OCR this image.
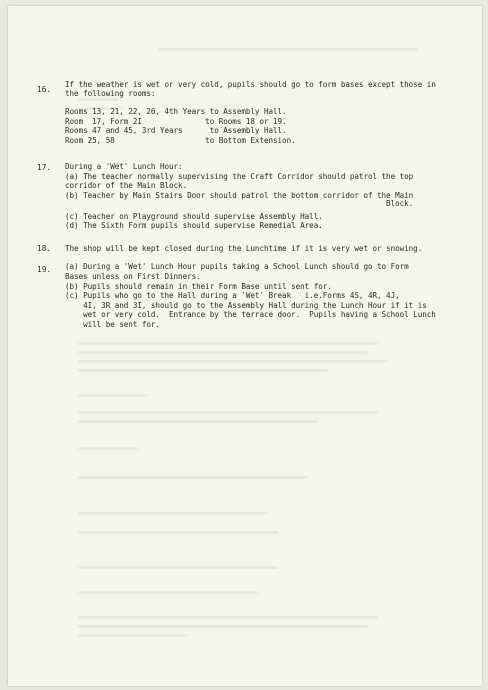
16.
If the weather is wet or very cold, pupils should go to form bases except those in
the following rooms:
Rooms 13, 21, 22, 26, 4th Years to Assembly Hall.
Room  17, Form 2I              to Rooms 18 or 19.
Rooms 47 and 45, 3rd Years      to Assembly Hall.
Room 25, 58                    to Bottom Extension.
17. During a 'Wet' Lunch Hour:
(a) The teacher normally supervising the Craft Corridor should patrol the top
corridor of the Main Block.
(b) Teacher by Main Stairs Door should patrol the bottom corridor of the Main
Block.
(c) Teacher on Playground should supervise Assembly Hall.
(d) The Sixth Form pupils should supervise Remedial Area.
18. The shop will be kept closed during the Lunchtime if it is very wet or snowing.
19. (a) During a 'Wet' Lunch Hour pupils taking a School Lunch should go to Form
Bases unless on First Dinners.
(b) Pupils should remain in their Form Base until sent for.
(c) Pupils who go to the Hall during a 'Wet' Break   i.e.Forms 4S, 4R, 4J,
4I, 3R and 3I, should go to the Assembly Hall during the Lunch Hour if it is
wet or very cold.  Entrance by the terrace door.  Pupils having a School Lunch
will be sent for.
